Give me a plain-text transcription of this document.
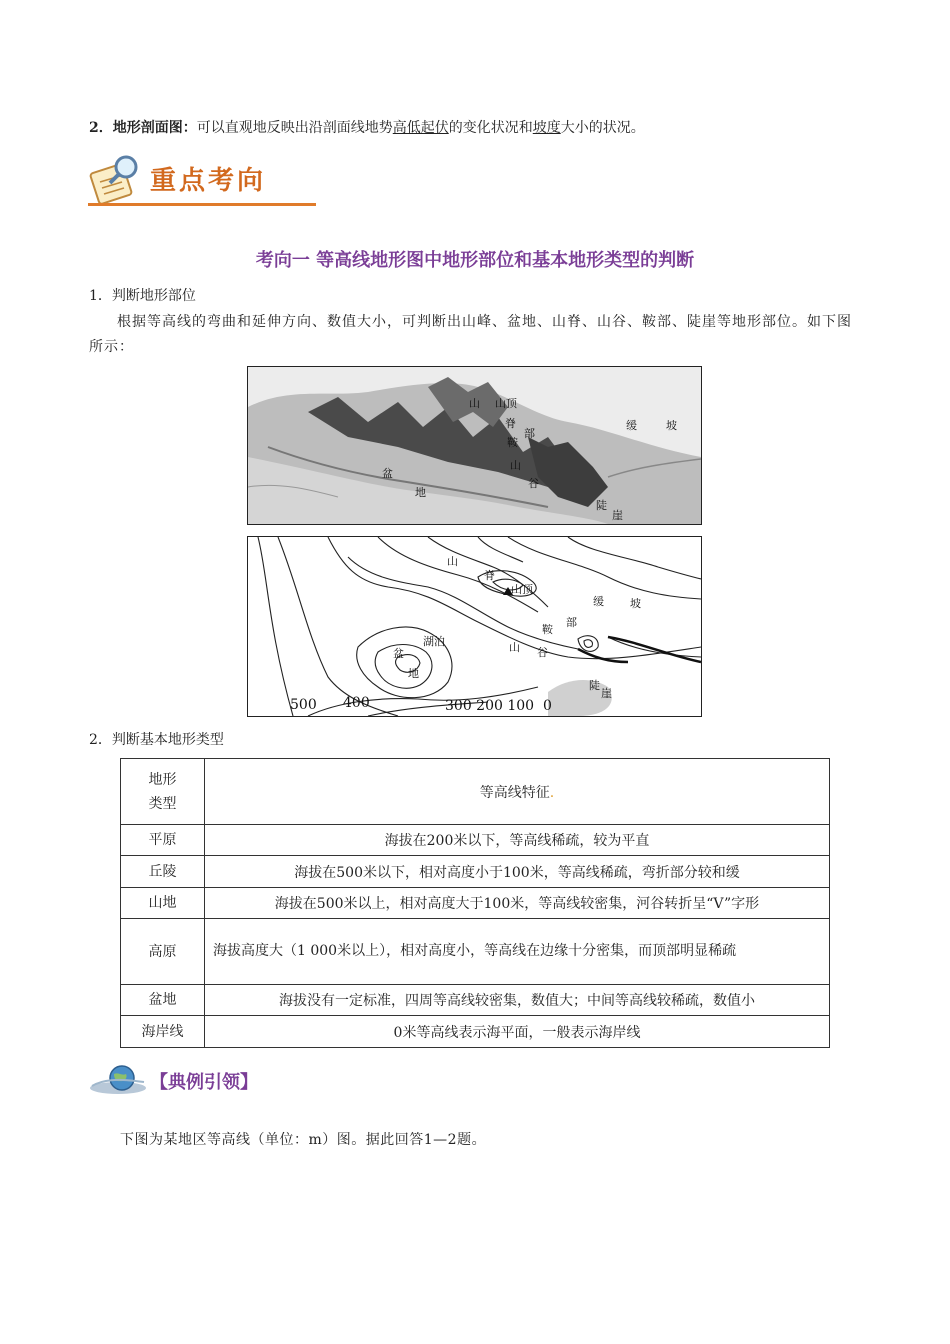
2．地形剖面图：可以直观地反映出沿剖面线地势高低起伏的变化状况和坡度大小的状况。
重点考向
考向一 等高线地形图中地形部位和基本地形类型的判断
1．判断地形部位
根据等高线的弯曲和延伸方向、数值大小，可判断出山峰、盆地、山脊、山谷、鞍部、陡崖等地形部位。如下图所示：
山 山顶
脊
部
鞍
山
谷
盆
地
陡
崖
缓	坡
山
脊
山顶
缓 坡
鞍
部
湖泊	山 谷
盆
地
陡
崖
500 400	300 200 100  0
2．判断基本地形类型
地形
类型	等高线特征.
平原	海拔在200米以下，等高线稀疏，较为平直
丘陵	海拔在500米以下，相对高度小于100米，等高线稀疏，弯折部分较和缓
山地	海拔在500米以上，相对高度大于100米，等高线较密集，河谷转折呈“V”字形
高原	海拔高度大（1 000米以上），相对高度小，等高线在边缘十分密集，而顶部明显稀疏
盆地	海拔没有一定标准，四周等高线较密集，数值大；中间等高线较稀疏，数值小
海岸线	0米等高线表示海平面，一般表示海岸线
【典例引领】
下图为某地区等高线（单位：m）图。据此回答1—2题。
